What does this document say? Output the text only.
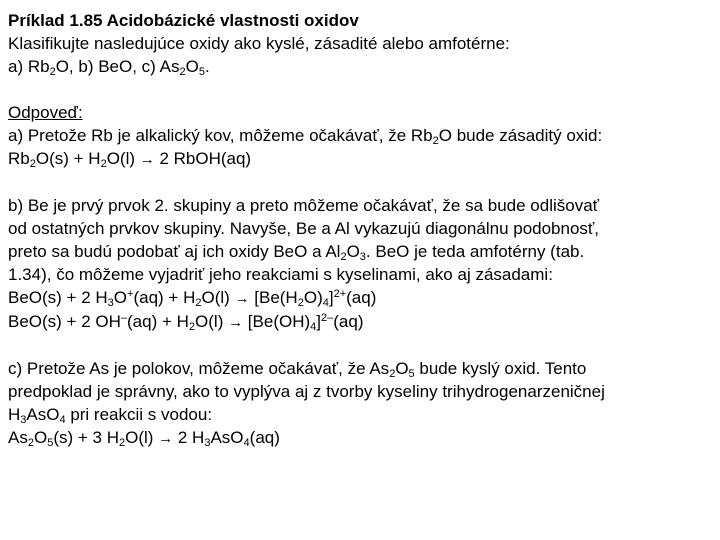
Príklad 1.85 Acidobázické vlastnosti oxidov
Klasifikujte nasledujúce oxidy ako kyslé, zásadité alebo amfotérne:
a) $Rb_2O$, b) BeO, c) $As_2O_5$.
Odpoveď:
a) Pretože Rb je alkalický kov, môžeme očakávať, že $Rb_2O$ bude zásaditý oxid:
$Rb_2O(s) + H_2O(l) \to 2$ RbOH(aq)
b) Be je prvý prvok 2. skupiny a preto môžeme očakávať, že sa bude odlišovať
od ostatných prvkov skupiny. Navyše, Be a Al vykazujú diagonálnu podobnosť,
preto sa budú podobať aj ich oxidy BeO a $Al_2O_3$. BeO je teda amfotérny (tab.
1.34), čo môžeme vyjadriť jeho reakciami s kyselinami, ako aj zásadami:
BeO(s) + 2 $H_3O^+(aq) + H_2O(l) \to [Be(H_2O)_4]^{2+}(aq)$
BeO(s) + 2 $OH^-(aq) + H_2O(l) \to [Be(OH)_4]^{2-}(aq)$
c) Pretože As je polokov, môžeme očakávať, že $As_2O_5$ bude kyslý oxid. Tento
predpoklad je správny, ako to vyplýva aj z tvorby kyseliny trihydrogenarzeničnej
$H_3AsO_4$ pri reakcii s vodou:
$As_2O_5(s) + 3$ $H_2O(l) \to 2$ $H_3AsO_4(aq)$
